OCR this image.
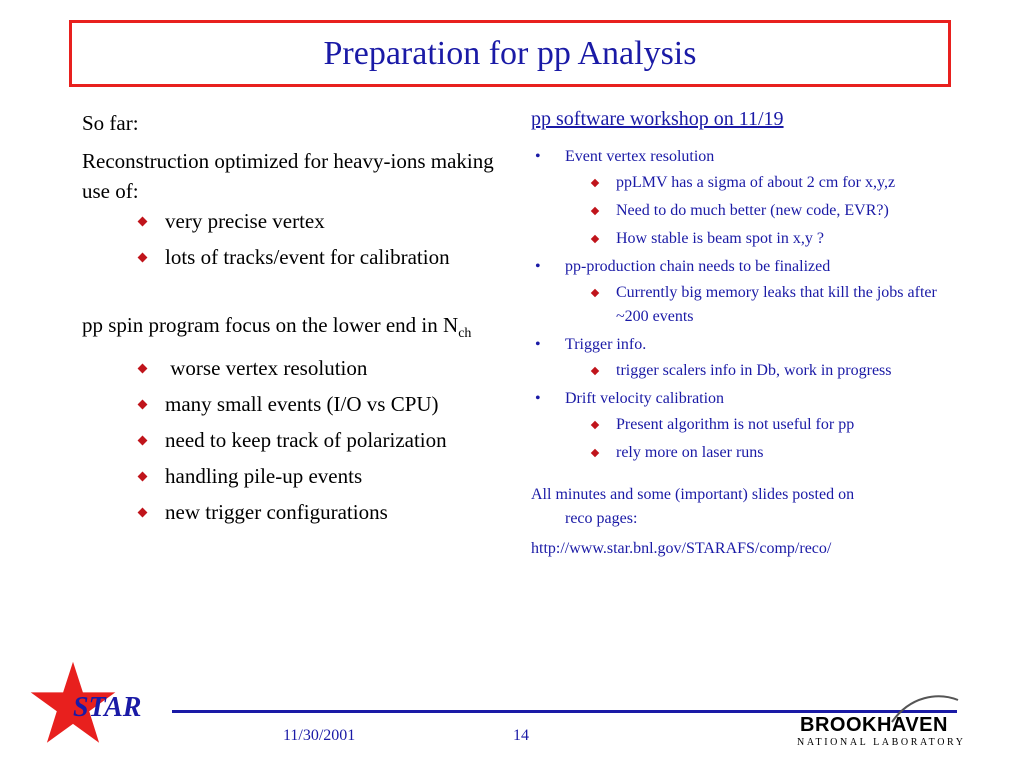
Preparation for pp Analysis

So far:

Reconstruction optimized for heavy-ions making use of:

very precise vertex
lots of tracks/event for calibration

pp spin program focus on the lower end in $N_{ch}$

worse vertex resolution
many small events (I/O vs CPU)
need to keep track of polarization
handling pile-up events
new trigger configurations

pp software workshop on 11/19

• Event vertex resolution
ppLMV has a sigma of about 2 cm for x,y,z
Need to do much better (new code, EVR?)
How stable is beam spot in x,y ?
• pp-production chain needs to be finalized
Currently big memory leaks that kill the jobs after ~200 events
• Trigger info.
trigger scalers info in Db, work in progress
• Drift velocity calibration
Present algorithm is not useful for pp
rely more on laser runs
All minutes and some (important) slides posted on
reco pages:
http://www.star.bnl.gov/STARAFS/comp/reco/
STAR
11/30/2001	14	BROOKHAVEN
NATIONAL LABORATORY
